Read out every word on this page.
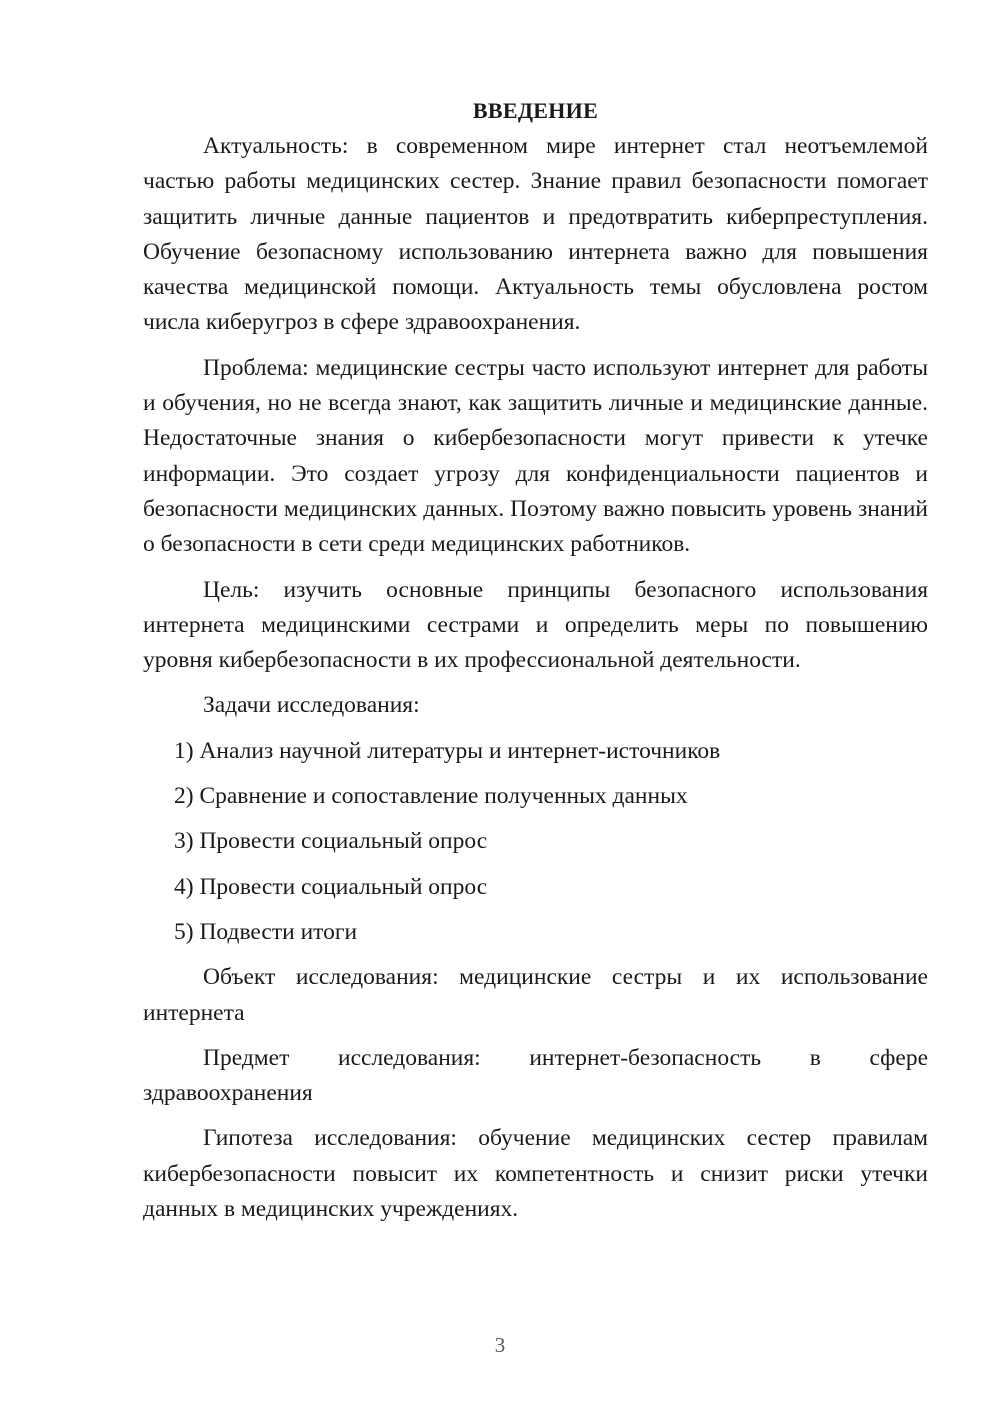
ВВЕДЕНИЕ

Актуальность: в современном мире интернет стал неотъемлемой частью работы медицинских сестер. Знание правил безопасности помогает защитить личные данные пациентов и предотвратить киберпреступления. Обучение безопасному использованию интернета важно для повышения качества медицинской помощи. Актуальность темы обусловлена ростом числа киберугроз в сфере здравоохранения.

Проблема: медицинские сестры часто используют интернет для работы и обучения, но не всегда знают, как защитить личные и медицинские данные. Недостаточные знания о кибербезопасности могут привести к утечке информации. Это создает угрозу для конфиденциальности пациентов и безопасности медицинских данных. Поэтому важно повысить уровень знаний о безопасности в сети среди медицинских работников.

Цель: изучить основные принципы безопасного использования интернета медицинскими сестрами и определить меры по повышению уровня кибербезопасности в их профессиональной деятельности.

Задачи исследования:

1) Анализ научной литературы и интернет-источников

2) Сравнение и сопоставление полученных данных

3) Провести социальный опрос

4) Провести социальный опрос

5) Подвести итоги

Объект исследования: медицинские сестры и их использование интернета

Предмет исследования: интернет-безопасность в сфере здравоохранения

Гипотеза исследования: обучение медицинских сестер правилам кибербезопасности повысит их компетентность и снизит риски утечки данных в медицинских учреждениях.

3
